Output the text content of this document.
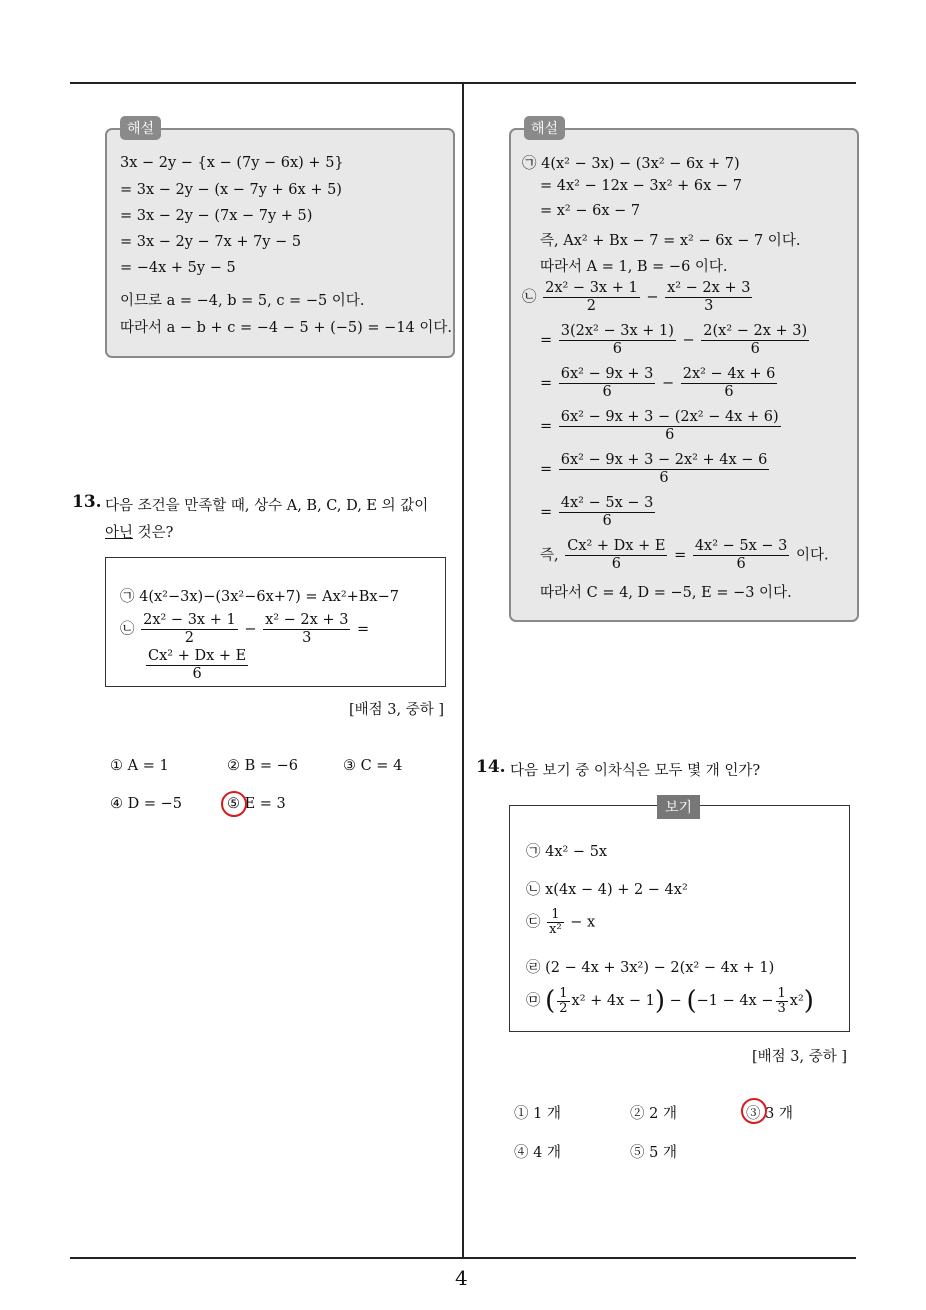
4
해설
3x − 2y − {x − (7y − 6x) + 5}
= 3x − 2y − (x − 7y + 6x + 5)
= 3x − 2y − (7x − 7y + 5)
= 3x − 2y − 7x + 7y − 5
= −4x + 5y − 5
이므로 a = −4, b = 5, c = −5 이다.
따라서 a − b + c = −4 − 5 + (−5) = −14 이다.
13. 다음 조건을 만족할 때, 상수 A, B, C, D, E 의 값이
아닌 것은?
㉠ 4(x²−3x)−(3x²−6x+7) = Ax²+Bx−7
㉡ $\frac{\text{2x² − 3x + 1}}{2} - \frac{\text{x² − 2x + 3}}{3}$ =
$\frac{\text{Cx² + Dx + E}}{6}$
[배점 3, 중하 ]
① A = 1	② B = −6	③ C = 4
④ D = −5	⑤ E = 3
해설
㉠ 4(x² − 3x) − (3x² − 6x + 7)
= 4x² − 12x − 3x² + 6x − 7
= x² − 6x − 7
즉, Ax² + Bx − 7 = x² − 6x − 7 이다.
따라서 A = 1, B = −6 이다.
㉡ $\frac{\text{2x² − 3x + 1}}{2} - \frac{\text{x² − 2x + 3}}{3}$
= $\frac{\text{3(2x² − 3x + 1)}}{6} - \frac{\text{2(x² − 2x + 3)}}{6}$
= $\frac{\text{6x² − 9x + 3}}{6} - \frac{\text{2x² − 4x + 6}}{6}$
= $\frac{\text{6x² − 9x + 3 − (2x² − 4x + 6)}}{6}$
= $\frac{\text{6x² − 9x + 3 − 2x² + 4x − 6}}{6}$
= $\frac{\text{4x² − 5x − 3}}{6}$
즉, $\frac{\text{Cx² + Dx + E}}{6} = \frac{\text{4x² − 5x − 3}}{6}$ 이다.
따라서 C = 4, D = −5, E = −3 이다.
14. 다음 보기 중 이차식은 모두 몇 개 인가?
보기
㉠ 4x² − 5x
㉡ x(4x − 4) + 2 − 4x²
㉢ $\frac{1}{\text{x²}} - x$
㉣ (2 − 4x + 3x²) − 2(x² − 4x + 1)
㉤ ( $\frac{1}{2} x^2 + 4x - 1) - (-1 - 4x - \frac{1}{3} x^2)$
[배점 3, 중하 ]
① 1 개	② 2 개	③ 3 개
④ 4 개	⑤ 5 개
